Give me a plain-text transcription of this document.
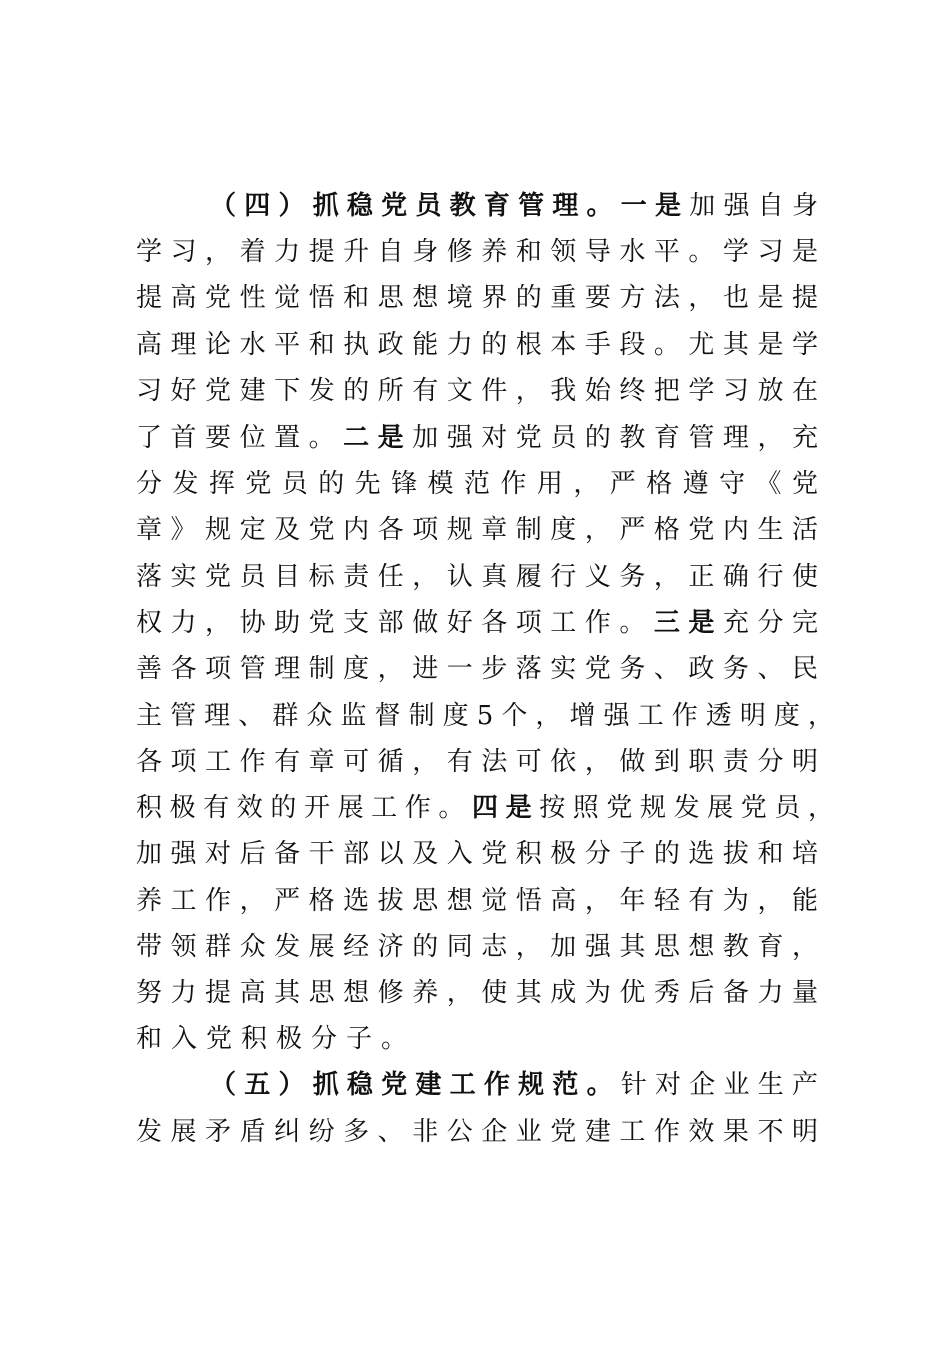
（四）抓稳党员教育管理。一是加强自身
学习，着力提升自身修养和领导水平。学习是
提高党性觉悟和思想境界的重要方法，也是提
高理论水平和执政能力的根本手段。尤其是学
习好党建下发的所有文件，我始终把学习放在
了首要位置。二是加强对党员的教育管理，充
分发挥党员的先锋模范作用，严格遵守《党
章》规定及党内各项规章制度，严格党内生活
落实党员目标责任，认真履行义务，正确行使
权力，协助党支部做好各项工作。三是充分完
善各项管理制度，进一步落实党务、政务、民
主管理、群众监督制度5个，增强工作透明度，
各项工作有章可循，有法可依，做到职责分明
积极有效的开展工作。四是按照党规发展党员，
加强对后备干部以及入党积极分子的选拔和培
养工作，严格选拔思想觉悟高，年轻有为，能
带领群众发展经济的同志，加强其思想教育，
努力提高其思想修养，使其成为优秀后备力量
和入党积极分子。
（五）抓稳党建工作规范。针对企业生产
发展矛盾纠纷多、非公企业党建工作效果不明
